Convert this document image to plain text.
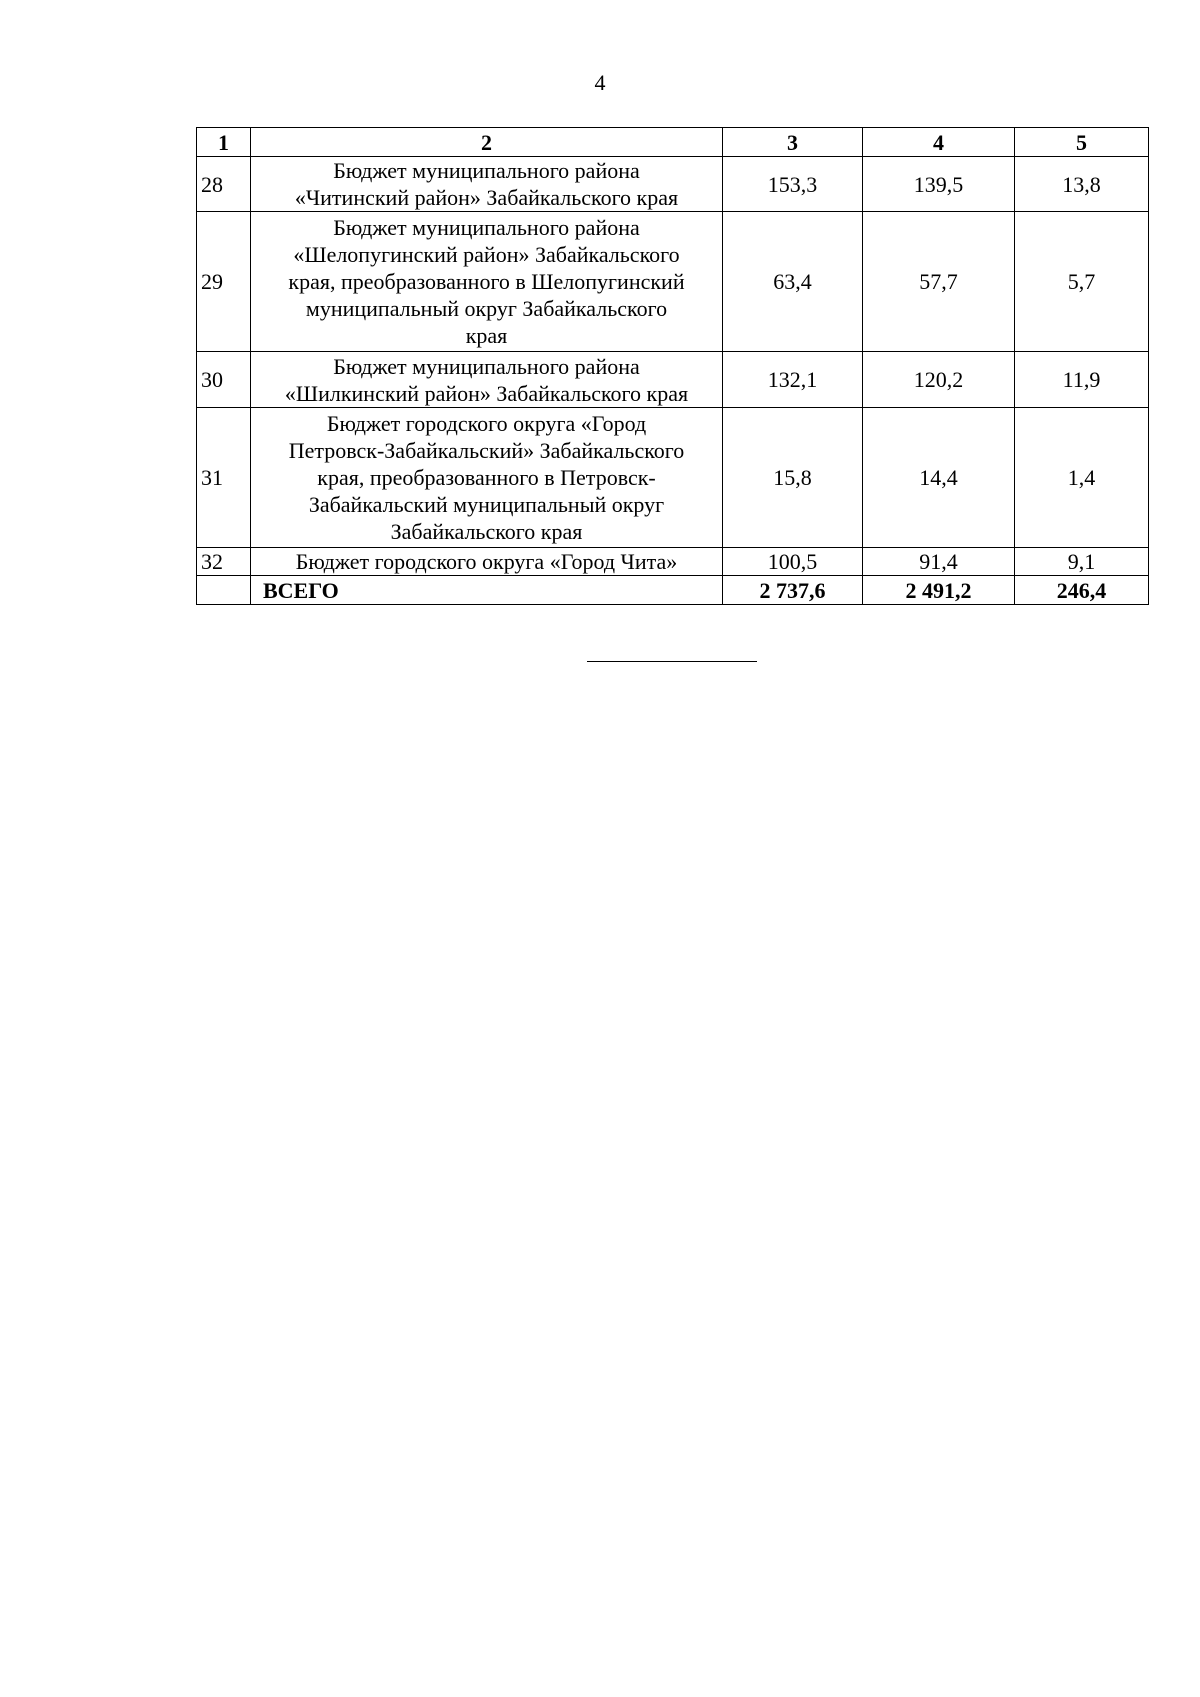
4
1	2	3	4	5
28	Бюджет муниципального района
«Читинский район» Забайкальского края	153,3	139,5	13,8
29	Бюджет муниципального района
«Шелопугинский район» Забайкальского
края, преобразованного в Шелопугинский
муниципальный округ Забайкальского
края	63,4	57,7	5,7
30	Бюджет муниципального района
«Шилкинский район» Забайкальского края	132,1	120,2	11,9
31	Бюджет городского округа «Город
Петровск-Забайкальский» Забайкальского
края, преобразованного в Петровск-
Забайкальский муниципальный округ
Забайкальского края	15,8	14,4	1,4
32	Бюджет городского округа «Город Чита»	100,5	91,4	9,1
	ВСЕГО	2 737,6	2 491,2	246,4
